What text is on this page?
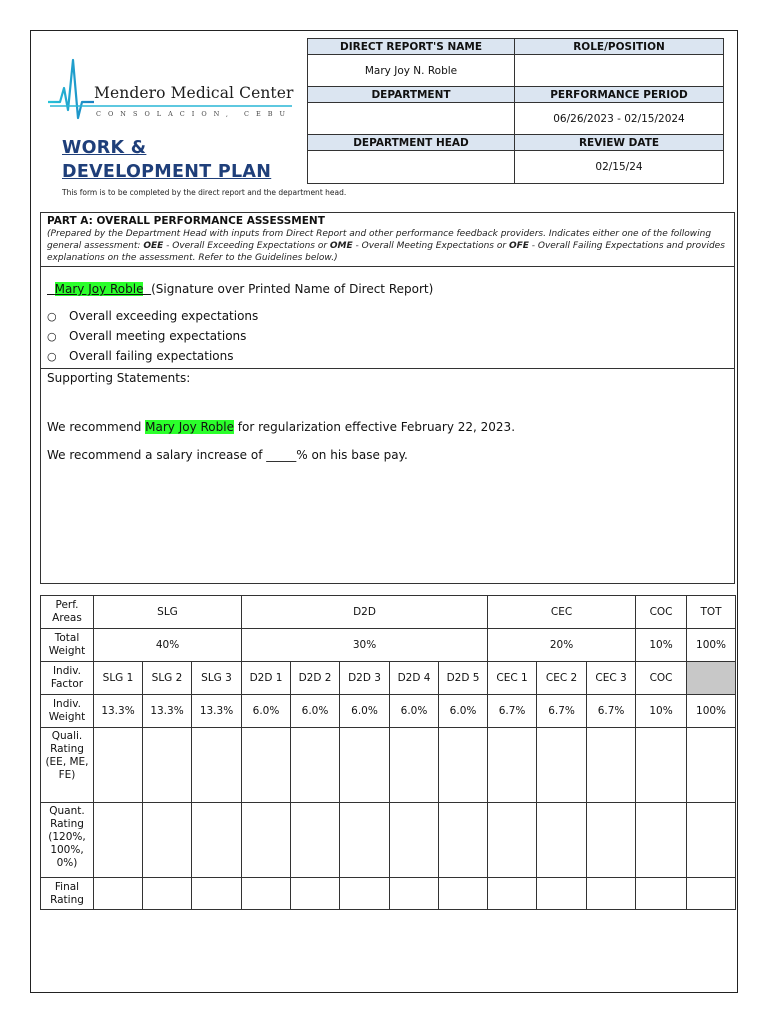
Mendero Medical Center
CONSOLACION, CEBU
WORK & DEVELOPMENT PLAN
This form is to be completed by the direct report and the department head.
DIRECT REPORT'S NAME	ROLE/POSITION
Mary Joy N. Roble	
DEPARTMENT	PERFORMANCE PERIOD
	06/26/2023 - 02/15/2024
DEPARTMENT HEAD	REVIEW DATE
	02/15/24
PART A: OVERALL PERFORMANCE ASSESSMENT
(Prepared by the Department Head with inputs from Direct Report and other performance feedback providers. Indicates either one of the following general assessment: OEE - Overall Exceeding Expectations or OME - Overall Meeting Expectations or OFE - Overall Failing Expectations and provides explanations on the assessment. Refer to the Guidelines below.)
Mary Joy Roble (Signature over Printed Name of Direct Report)
○ Overall exceeding expectations
○ Overall meeting expectations
○ Overall failing expectations
Supporting Statements:
We recommend Mary Joy Roble for regularization effective February 22, 2023.
We recommend a salary increase of _____% on his base pay.
Perf. Areas	SLG			D2D					CEC			COC	TOT
Total Weight	40%			30%					20%			10%	100%
Indiv. Factor	SLG 1	SLG 2	SLG 3	D2D 1	D2D 2	D2D 3	D2D 4	D2D 5	CEC 1	CEC 2	CEC 3	COC	
Indiv. Weight	13.3%	13.3%	13.3%	6.0%	6.0%	6.0%	6.0%	6.0%	6.7%	6.7%	6.7%	10%	100%
Quali. Rating (EE, ME, FE)													
Quant. Rating (120%, 100%, 0%)													
Final Rating													
